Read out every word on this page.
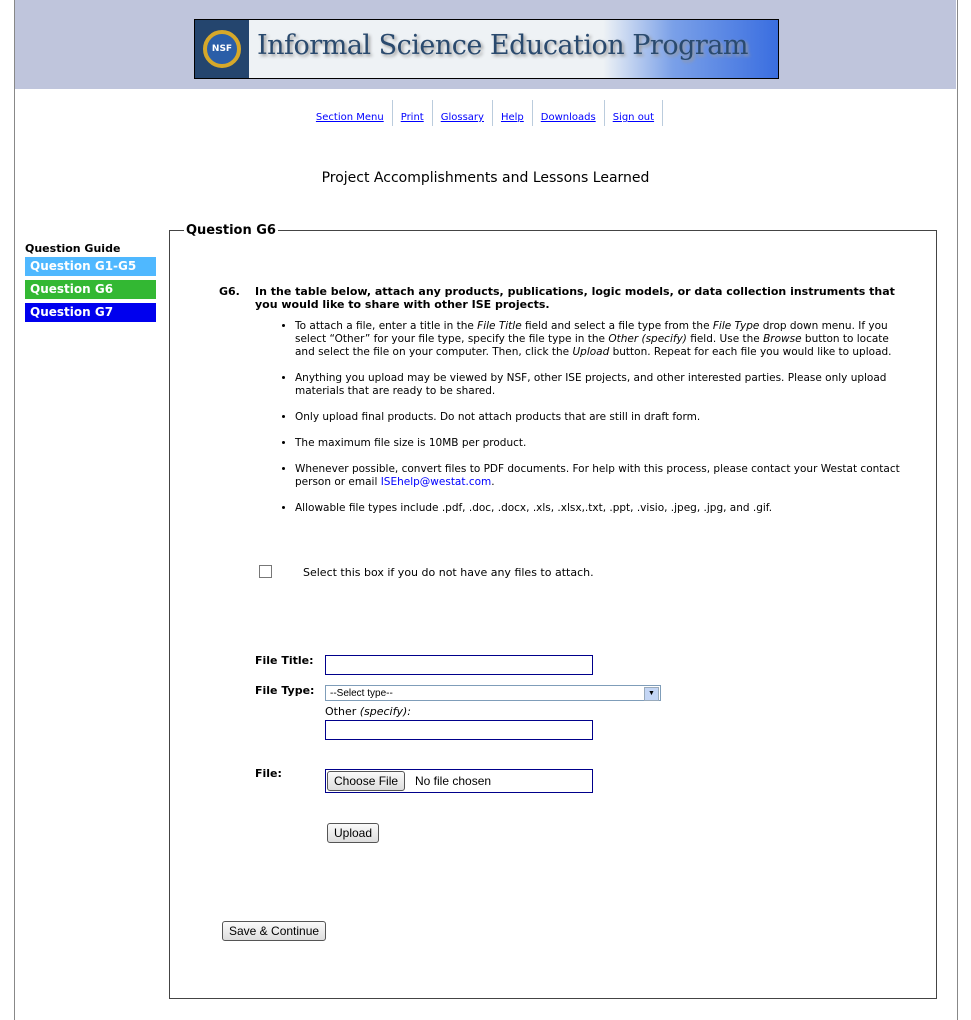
NSF Informal Science Education Program
Section Menu Print Glossary Help Downloads Sign out
Project Accomplishments and Lessons Learned
Question Guide
Question G1-G5
Question G6
Question G7
Question G6
G6. In the table below, attach any products, publications, logic models, or data collection instruments that you would like to share with other ISE projects.
• To attach a file, enter a title in the File Title field and select a file type from the File Type drop down menu. If you select “Other” for your file type, specify the file type in the Other (specify) field. Use the Browse button to locate and select the file on your computer. Then, click the Upload button. Repeat for each file you would like to upload.
• Anything you upload may be viewed by NSF, other ISE projects, and other interested parties. Please only upload materials that are ready to be shared.
• Only upload final products. Do not attach products that are still in draft form.
• The maximum file size is 10MB per product.
• Whenever possible, convert files to PDF documents. For help with this process, please contact your Westat contact person or email ISEhelp@westat.com.
• Allowable file types include .pdf, .doc, .docx, .xls, .xlsx,.txt, .ppt, .visio, .jpeg, .jpg, and .gif.
Select this box if you do not have any files to attach.
File Title:
File Type:	--Select type--	▼
Other (specify):
File:
Choose File	No file chosen
Upload
Save & Continue
